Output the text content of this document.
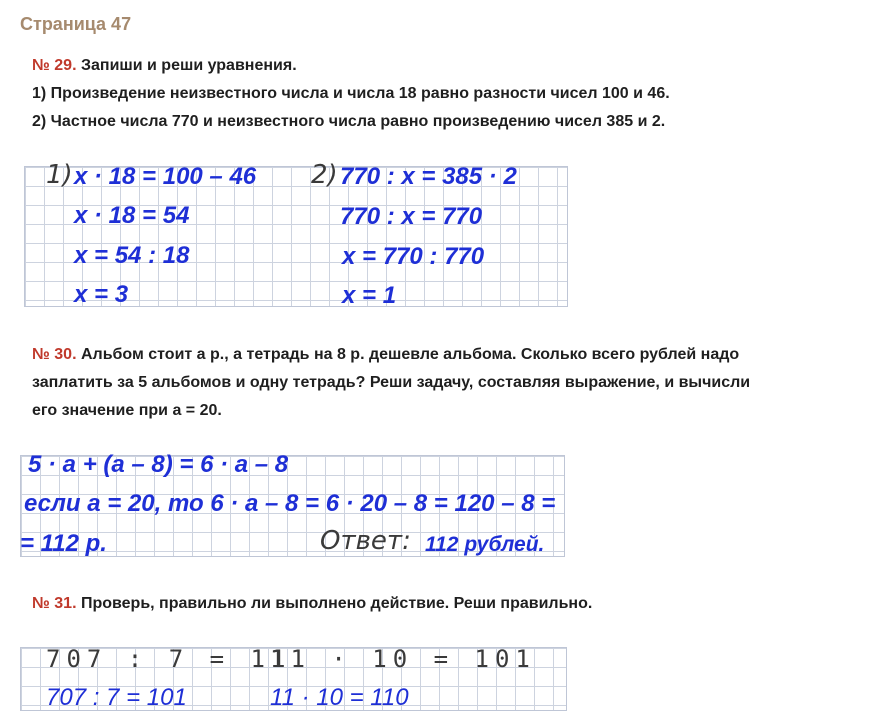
Страница 47
№ 29. Запиши и реши уравнения.
1) Произведение неизвестного числа и числа 18 равно разности чисел 100 и 46.
2) Частное числа 770 и неизвестного числа равно произведению чисел 385 и 2.
1) x · 18 = 100 – 46
x · 18 = 54
x = 54 : 18
x = 3
2) 770 : x = 385 · 2
770 : x = 770
x = 770 : 770
x = 1
№ 30. Альбом стоит a р., а тетрадь на 8 р. дешевле альбома. Сколько всего рублей надо
заплатить за 5 альбомов и одну тетрадь? Реши задачу, составляя выражение, и вычисли
его значение при a = 20.
5 · a + (a – 8) = 6 · a – 8
если a = 20, то 6 · a – 8 = 6 · 20 – 8 = 120 – 8 =
= 112 р.	Ответ: 112 рублей.
№ 31. Проверь, правильно ли выполнено действие. Реши правильно.
707 : 7 = 11
11 · 10 = 101
707 : 7 = 101	11 · 10 = 110
